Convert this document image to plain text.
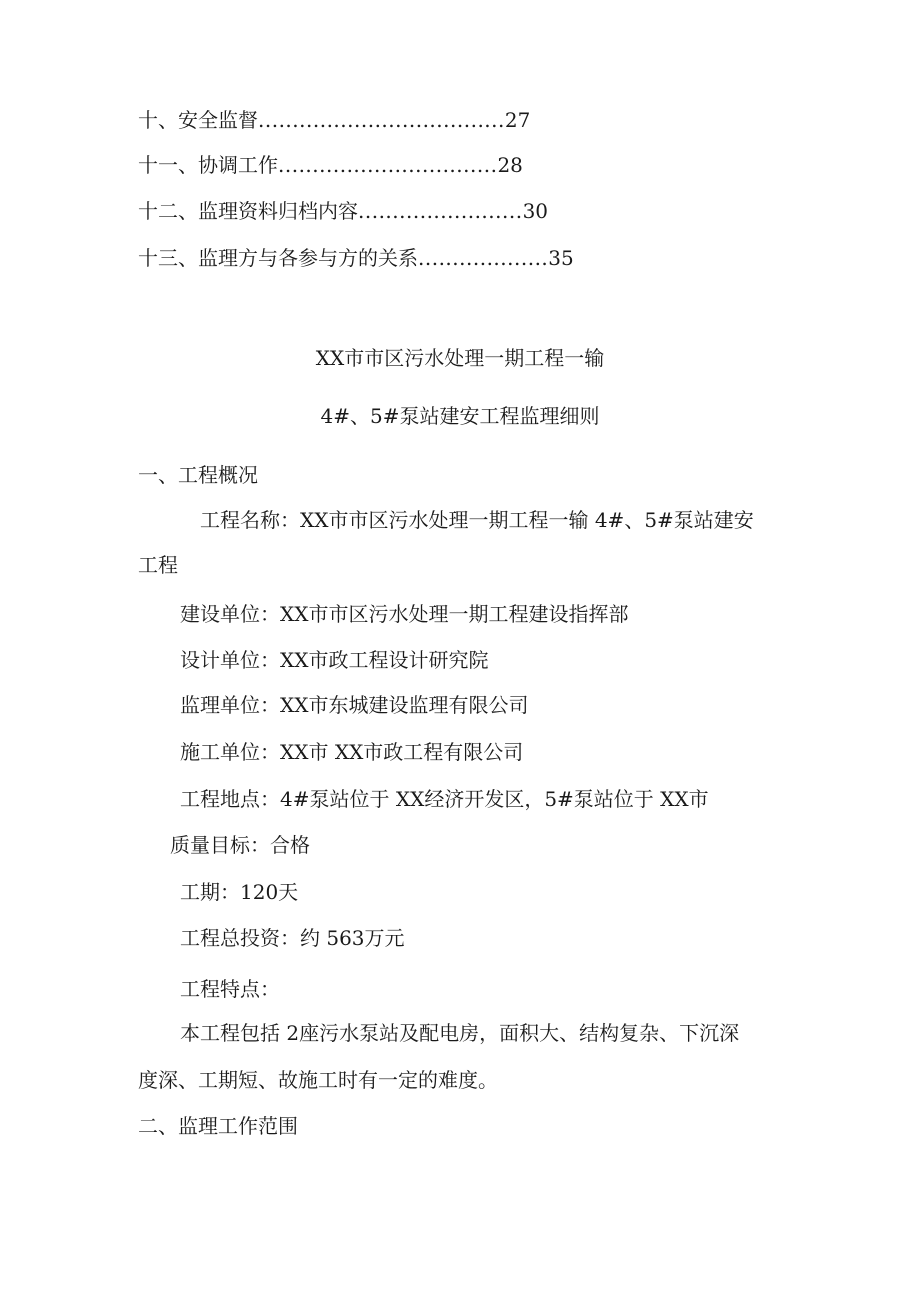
十、安全监督....................................27
十一、协调工作................................28
十二、监理资料归档内容........................30
十三、监理方与各参与方的关系...................35
XX市市区污水处理一期工程一输
4#、5#泵站建安工程监理细则
一、工程概况
工程名称：XX市市区污水处理一期工程一输 4#、5#泵站建安
工程
建设单位：XX市市区污水处理一期工程建设指挥部
设计单位：XX市政工程设计研究院
监理单位：XX市东城建设监理有限公司
施工单位：XX市 XX市政工程有限公司
工程地点：4#泵站位于 XX经济开发区，5#泵站位于 XX市
质量目标：合格
工期：120天
工程总投资：约 563万元
工程特点：
本工程包括 2座污水泵站及配电房，面积大、结构复杂、下沉深
度深、工期短、故施工时有一定的难度。
二、监理工作范围
